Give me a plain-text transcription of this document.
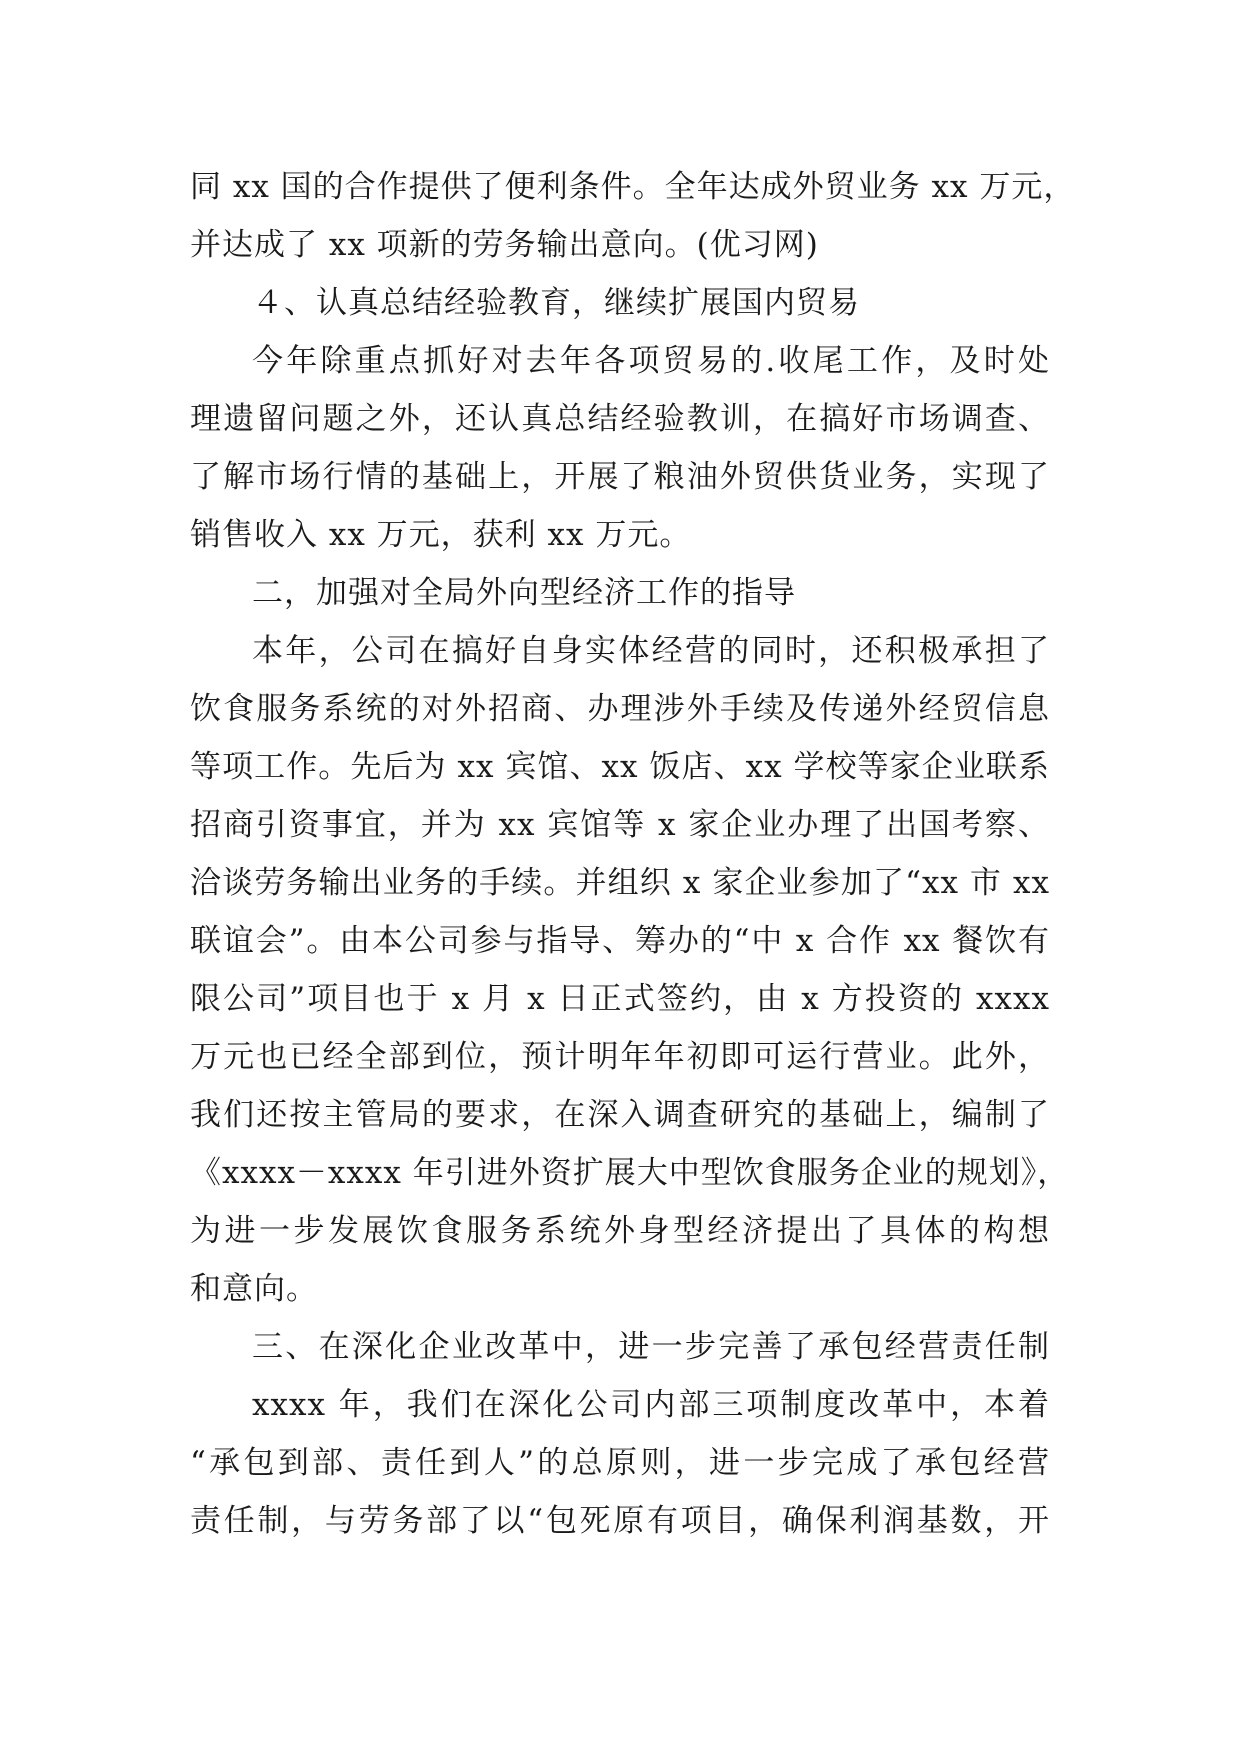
同 xx 国的合作提供了便利条件。全年达成外贸业务 xx 万元，
并达成了 xx 项新的劳务输出意向。(优习网)
４、认真总结经验教育，继续扩展国内贸易
今年除重点抓好对去年各项贸易的.收尾工作，及时处
理遗留问题之外，还认真总结经验教训，在搞好市场调查、
了解市场行情的基础上，开展了粮油外贸供货业务，实现了
销售收入 xx 万元，获利 xx 万元。
二，加强对全局外向型经济工作的指导
本年，公司在搞好自身实体经营的同时，还积极承担了
饮食服务系统的对外招商、办理涉外手续及传递外经贸信息
等项工作。先后为 xx 宾馆、xx 饭店、xx 学校等家企业联系
招商引资事宜，并为 xx 宾馆等 x 家企业办理了出国考察、
洽谈劳务输出业务的手续。并组织 x 家企业参加了“xx 市 xx
联谊会”。由本公司参与指导、筹办的“中 x 合作 xx 餐饮有
限公司”项目也于 x 月 x 日正式签约，由 x 方投资的 xxxx
万元也已经全部到位，预计明年年初即可运行营业。此外，
我们还按主管局的要求，在深入调查研究的基础上，编制了
《xxxx－xxxx 年引进外资扩展大中型饮食服务企业的规划》，
为进一步发展饮食服务系统外身型经济提出了具体的构想
和意向。
三、在深化企业改革中，进一步完善了承包经营责任制
xxxx 年，我们在深化公司内部三项制度改革中，本着
“承包到部、责任到人”的总原则，进一步完成了承包经营
责任制，与劳务部了以“包死原有项目，确保利润基数，开
